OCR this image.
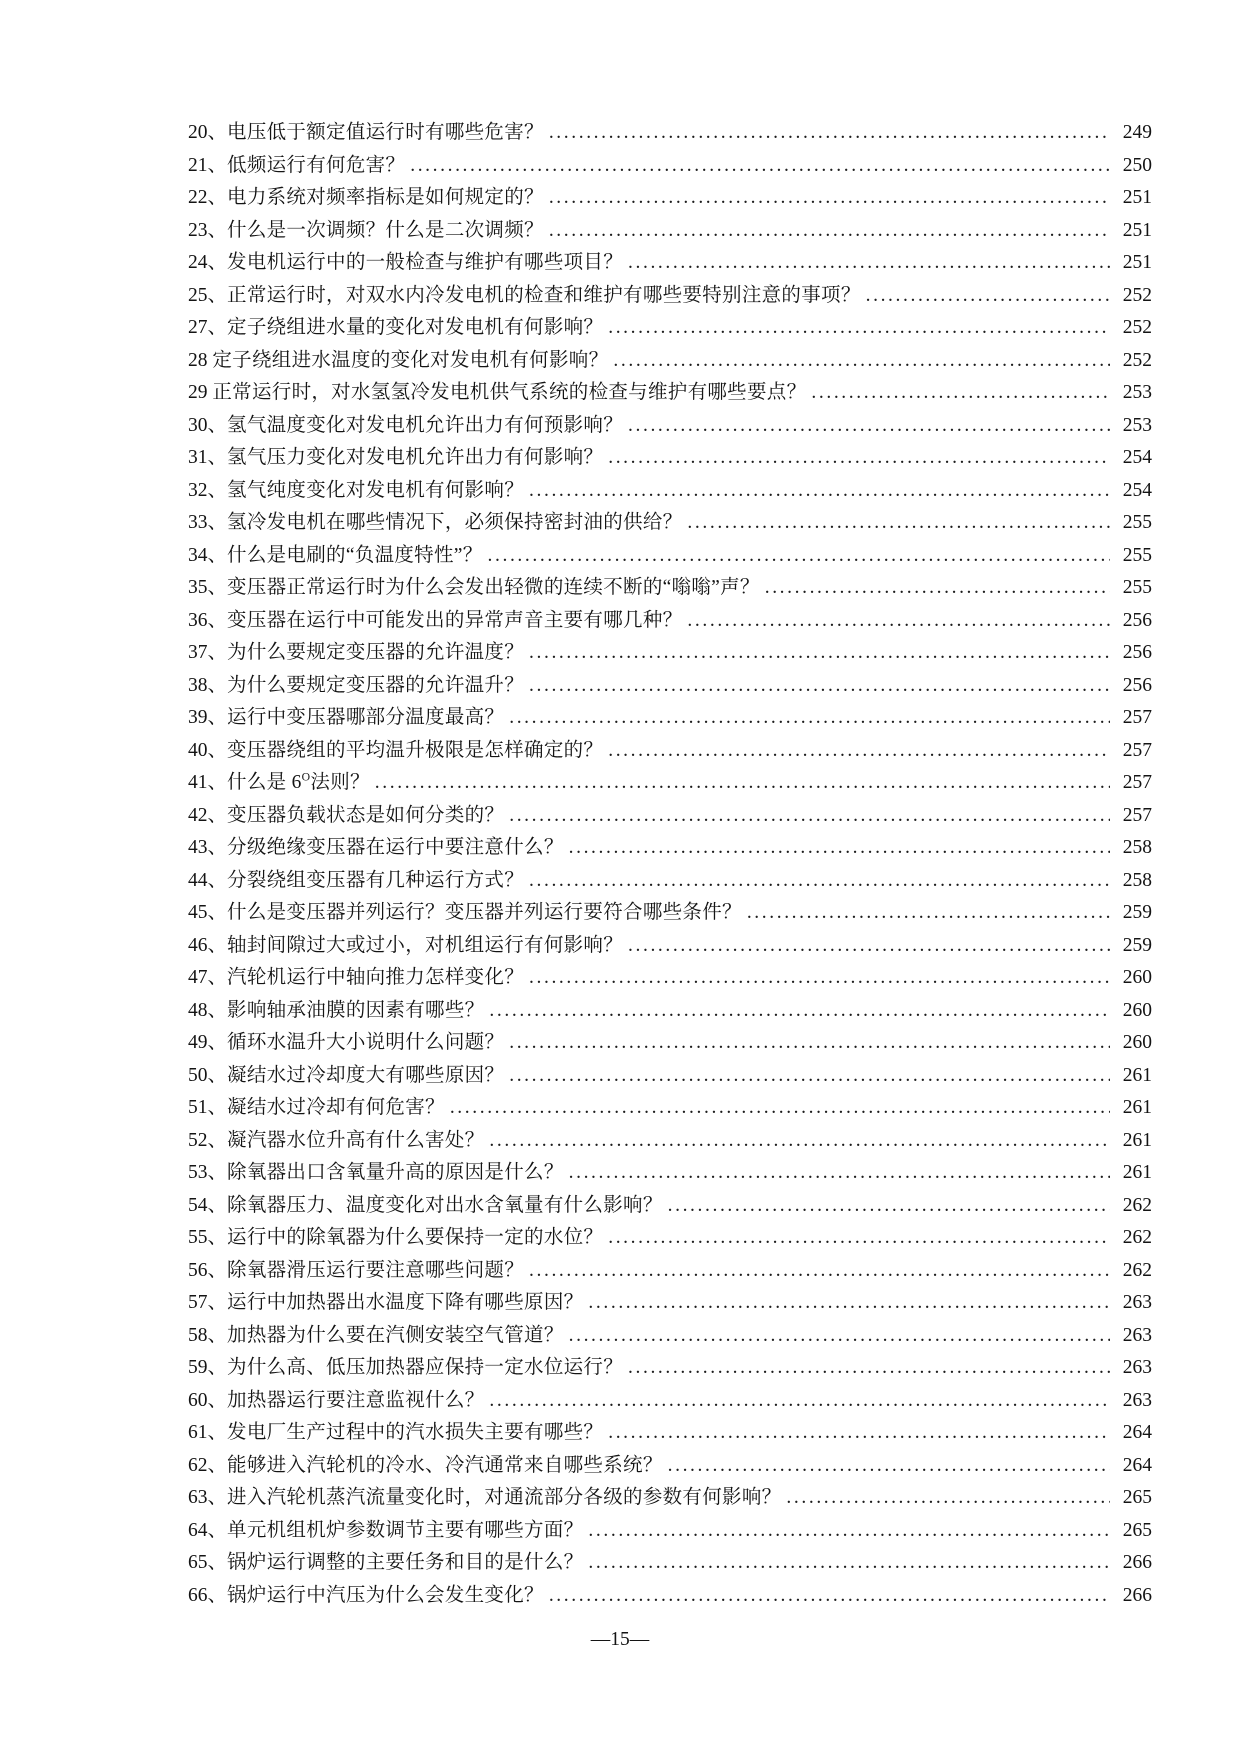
20、 电压低于额定值运行时有哪些危害？ .....	249
21、 低频运行有何危害？ .....	250
22、 电力系统对频率指标是如何规定的？ .....	251
23、 什么是一次调频？什么是二次调频？ .....	251
24、 发电机运行中的一般检查与维护有哪些项目？ .....	251
25、 正常运行时，对双水内冷发电机的检查和维护有哪些要特别注意的事项？ .....	252
27、 定子绕组进水量的变化对发电机有何影响？ .....	252
28 定子绕组进水温度的变化对发电机有何影响？ .....	252
29 正常运行时，对水氢氢冷发电机供气系统的检查与维护有哪些要点？ .....	253
30、 氢气温度变化对发电机允许出力有何预影响？ .....	253
31、 氢气压力变化对发电机允许出力有何影响？ .....	254
32、 氢气纯度变化对发电机有何影响？ .....	254
33、 氢冷发电机在哪些情况下，必须保持密封油的供给？ .....	255
34、 什么是电刷的“负温度特性”？ .....	255
35、 变压器正常运行时为什么会发出轻微的连续不断的“嗡嗡”声？ .....	255
36、 变压器在运行中可能发出的异常声音主要有哪几种？ .....	256
37、 为什么要规定变压器的允许温度？ .....	256
38、 为什么要规定变压器的允许温升？ .....	256
39、 运行中变压器哪部分温度最高？ .....	257
40、 变压器绕组的平均温升极限是怎样确定的？ .....	257
41、 什么是 $6^O$法则？ .....	257
42、 变压器负载状态是如何分类的？ .....	257
43、 分级绝缘变压器在运行中要注意什么？ .....	258
44、 分裂绕组变压器有几种运行方式？ .....	258
45、 什么是变压器并列运行？变压器并列运行要符合哪些条件？ .....	259
46、 轴封间隙过大或过小，对机组运行有何影响？ .....	259
47、 汽轮机运行中轴向推力怎样变化？ .....	260
48、 影响轴承油膜的因素有哪些？ .....	260
49、 循环水温升大小说明什么问题？ .....	260
50、 凝结水过冷却度大有哪些原因？ .....	261
51、 凝结水过冷却有何危害？ .....	261
52、 凝汽器水位升高有什么害处？ .....	261
53、 除氧器出口含氧量升高的原因是什么？ .....	261
54、 除氧器压力、温度变化对出水含氧量有什么影响？ .....	262
55、 运行中的除氧器为什么要保持一定的水位？ .....	262
56、 除氧器滑压运行要注意哪些问题？ .....	262
57、 运行中加热器出水温度下降有哪些原因？ .....	263
58、 加热器为什么要在汽侧安装空气管道？ .....	263
59、 为什么高、低压加热器应保持一定水位运行？ .....	263
60、 加热器运行要注意监视什么？ .....	263
61、 发电厂生产过程中的汽水损失主要有哪些？ .....	264
62、 能够进入汽轮机的冷水、冷汽通常来自哪些系统？ .....	264
63、 进入汽轮机蒸汽流量变化时，对通流部分各级的参数有何影响？ .....	265
64、 单元机组机炉参数调节主要有哪些方面？ .....	265
65、 锅炉运行调整的主要任务和目的是什么？ .....	266
66、 锅炉运行中汽压为什么会发生变化？ .....	266
—15—
